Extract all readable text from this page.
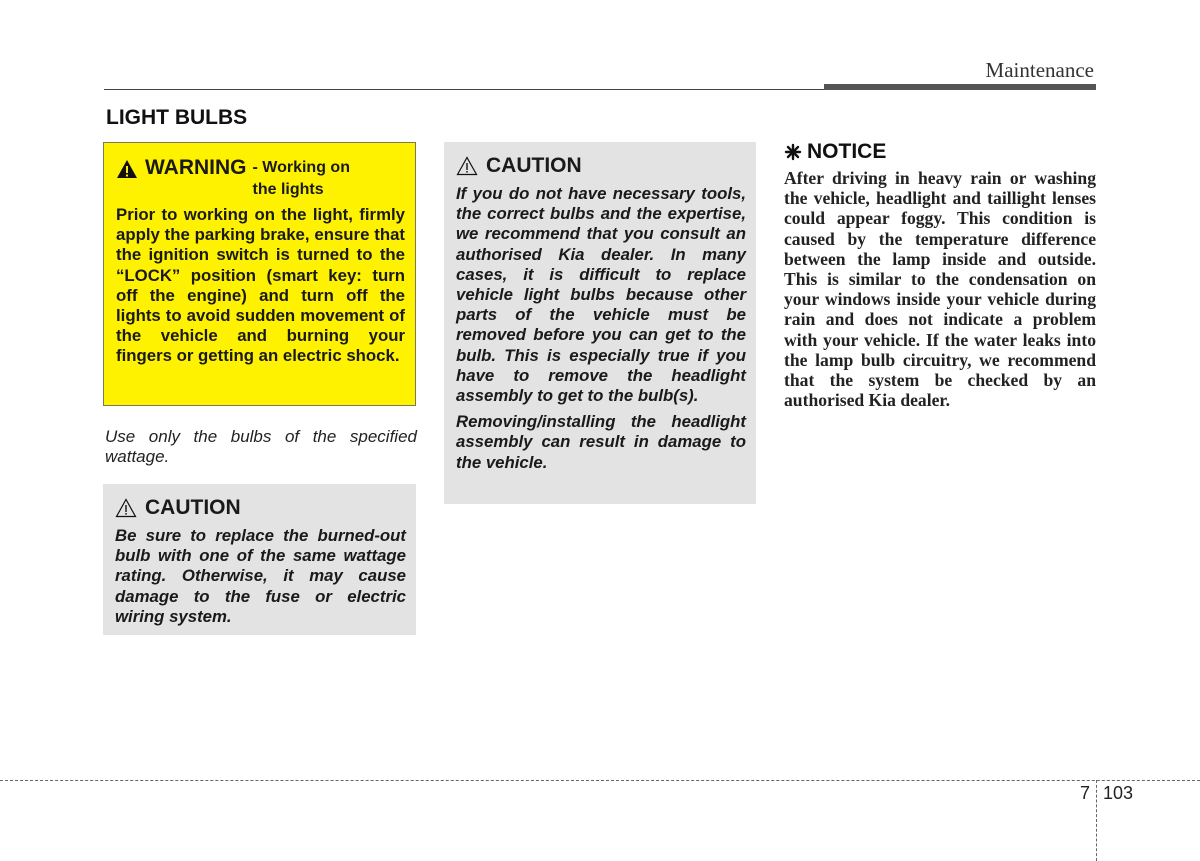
Maintenance
LIGHT BULBS
WARNING - Working on the lights
Prior to working on the light, firmly apply the parking brake, ensure that the ignition switch is turned to the “LOCK” position (smart key: turn off the engine) and turn off the lights to avoid sudden movement of the vehicle and burning your fingers or getting an electric shock.
Use only the bulbs of the specified wattage.
CAUTION
Be sure to replace the burned-out bulb with one of the same wattage rating. Otherwise, it may cause damage to the fuse or electric wiring system.
CAUTION

If you do not have necessary tools, the correct bulbs and the expertise, we recommend that you consult an authorised Kia dealer. In many cases, it is difficult to replace vehicle light bulbs because other parts of the vehicle must be removed before you can get to the bulb. This is especially true if you have to remove the headlight assembly to get to the bulb(s).

Removing/installing the headlight assembly can result in damage to the vehicle.

NOTICE
After driving in heavy rain or washing the vehicle, headlight and taillight lenses could appear foggy. This condition is caused by the temperature difference between the lamp inside and outside. This is similar to the condensation on your windows inside your vehicle during rain and does not indicate a problem with your vehicle. If the water leaks into the lamp bulb circuitry, we recommend that the system be checked by an authorised Kia dealer.
7 103
